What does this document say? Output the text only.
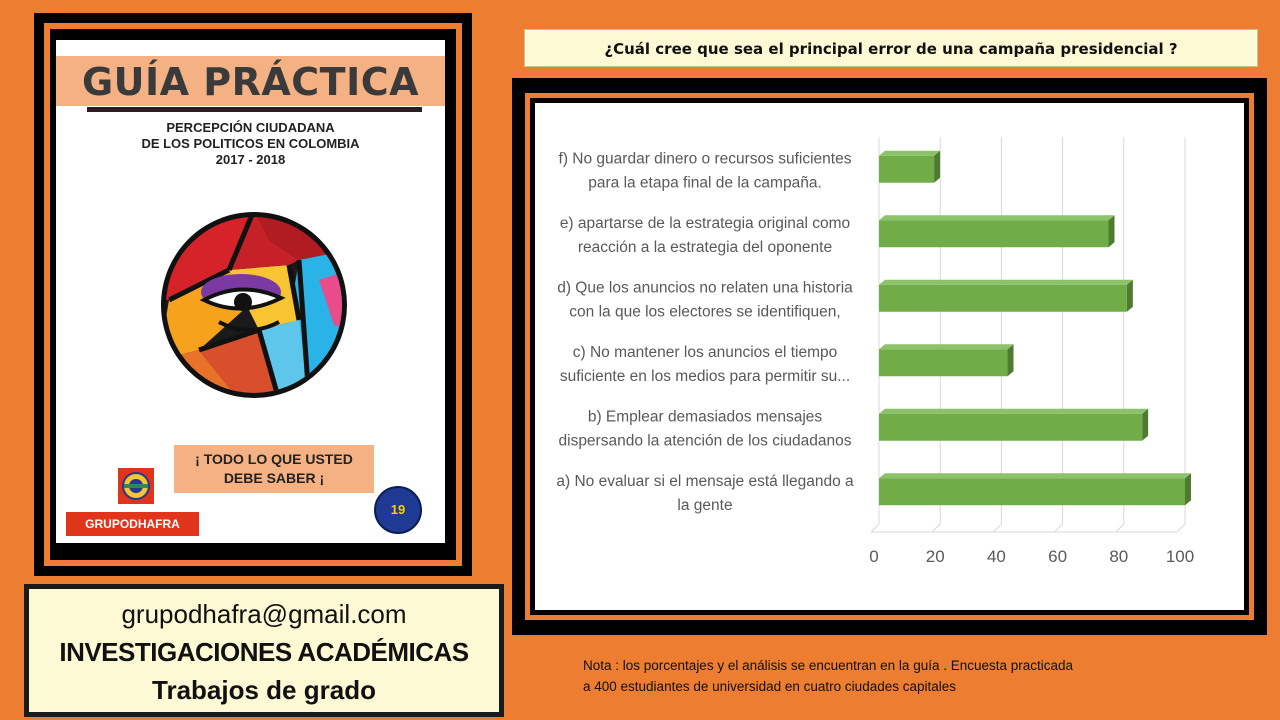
GUÍA PRÁCTICA
PERCEPCIÓN CIUDADANA
DE LOS POLITICOS EN COLOMBIA
2017 - 2018
¡ TODO LO QUE USTED
DEBE SABER ¡
GRUPODHAFRA
19
grupodhafra@gmail.com
INVESTIGACIONES ACADÉMICAS
Trabajos de grado
¿Cuál cree que sea el principal error de una campaña presidencial ?
0	20 40 60 80 100
f) No guardar dinero o recursos suficientes
para la etapa final de la campaña.
e) apartarse de la estrategia original como
reacción a la estrategia del oponente
d) Que los anuncios no relaten una historia
con la que los electores se identifiquen,
c) No mantener los anuncios el tiempo
suficiente en los medios para permitir su...
b) Emplear demasiados mensajes
dispersando la atención de los ciudadanos
a) No evaluar si el mensaje está llegando a
la gente
Nota : los porcentajes y el análisis se encuentran en la guía . Encuesta practicada
a 400 estudiantes de universidad en cuatro ciudades capitales
